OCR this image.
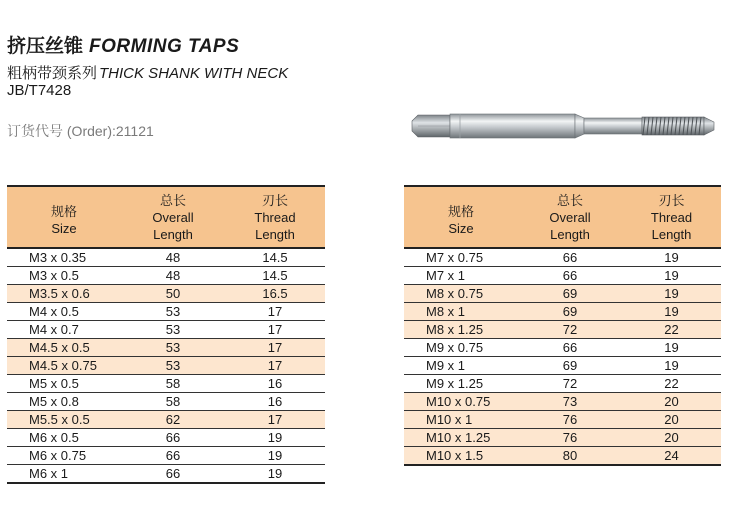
挤压丝锥 FORMING TAPS
粗柄带颈系列 THICK SHANK WITH NECK
JB/T7428
订货代号 (Order):21121
规格
Size	总长	刃长
	Overall	Thread
	Length	Length
M3 x 0.35	48	14.5
M3 x 0.5	48	14.5
M3.5 x 0.6	50	16.5
M4 x 0.5	53	17
M4 x 0.7	53	17
M4.5 x 0.5	53	17
M4.5 x 0.75	53	17
M5 x 0.5	58	16
M5 x 0.8	58	16
M5.5 x 0.5	62	17
M6 x 0.5	66	19
M6 x 0.75	66	19
M6 x 1	66	19
规格
Size	总长	刃长
	Overall	Thread
	Length	Length
M7 x 0.75	66	19
M7 x 1	66	19
M8 x 0.75	69	19
M8 x 1	69	19
M8 x 1.25	72	22
M9 x 0.75	66	19
M9 x 1	69	19
M9 x 1.25	72	22
M10 x 0.75	73	20
M10 x 1	76	20
M10 x 1.25	76	20
M10 x 1.5	80	24
